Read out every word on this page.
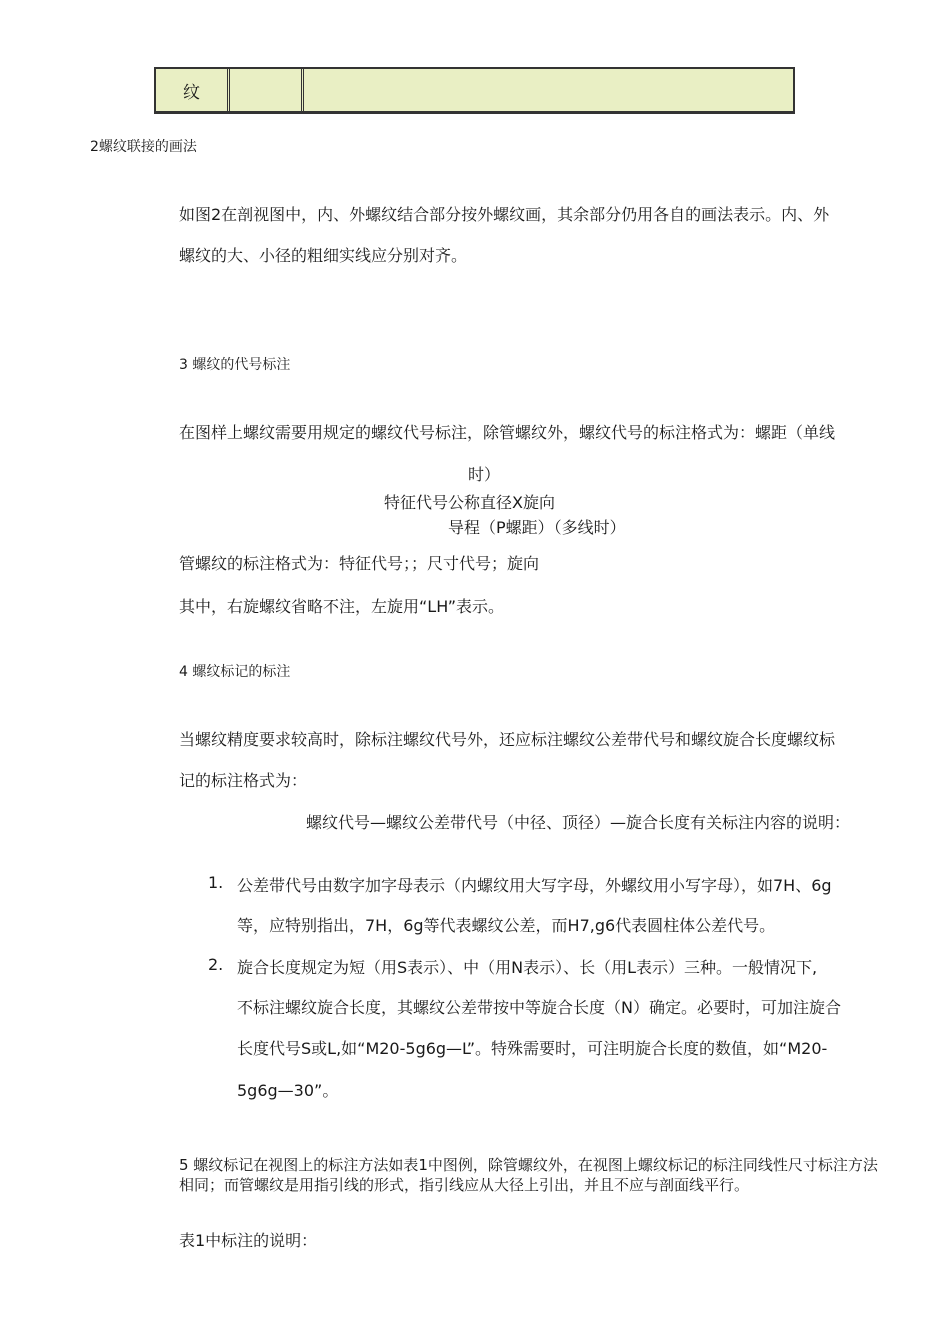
纹
2螺纹联接的画法
如图2在剖视图中，内、外螺纹结合部分按外螺纹画，其余部分仍用各自的画法表示。内、外
螺纹的大、小径的粗细实线应分别对齐。
3 螺纹的代号标注
在图样上螺纹需要用规定的螺纹代号标注，除管螺纹外，螺纹代号的标注格式为：螺距（单线
时）
特征代号公称直径X旋向
导程（P螺距）（多线时）
管螺纹的标注格式为：特征代号；；尺寸代号；旋向
其中，右旋螺纹省略不注，左旋用“LH”表示。
4 螺纹标记的标注
当螺纹精度要求较高时，除标注螺纹代号外，还应标注螺纹公差带代号和螺纹旋合长度螺纹标
记的标注格式为：
螺纹代号—螺纹公差带代号（中径、顶径）—旋合长度有关标注内容的说明：
1. 公差带代号由数字加字母表示（内螺纹用大写字母，外螺纹用小写字母），如7H、6g
等，应特别指出，7H，6g等代表螺纹公差，而H7,g6代表圆柱体公差代号。
2. 旋合长度规定为短（用S表示）、中（用N表示）、长（用L表示）三种。一般情况下,
不标注螺纹旋合长度，其螺纹公差带按中等旋合长度（N）确定。必要时，可加注旋合
长度代号S或L,如“M20-5g6g—L”。特殊需要时，可注明旋合长度的数值，如“M20-
5g6g—30”。
5 螺纹标记在视图上的标注方法如表1中图例，除管螺纹外，在视图上螺纹标记的标注同线性尺寸标注方法相同；而管螺纹是用指引线的形式，指引线应从大径上引出，并且不应与剖面线平行。
表1中标注的说明：
